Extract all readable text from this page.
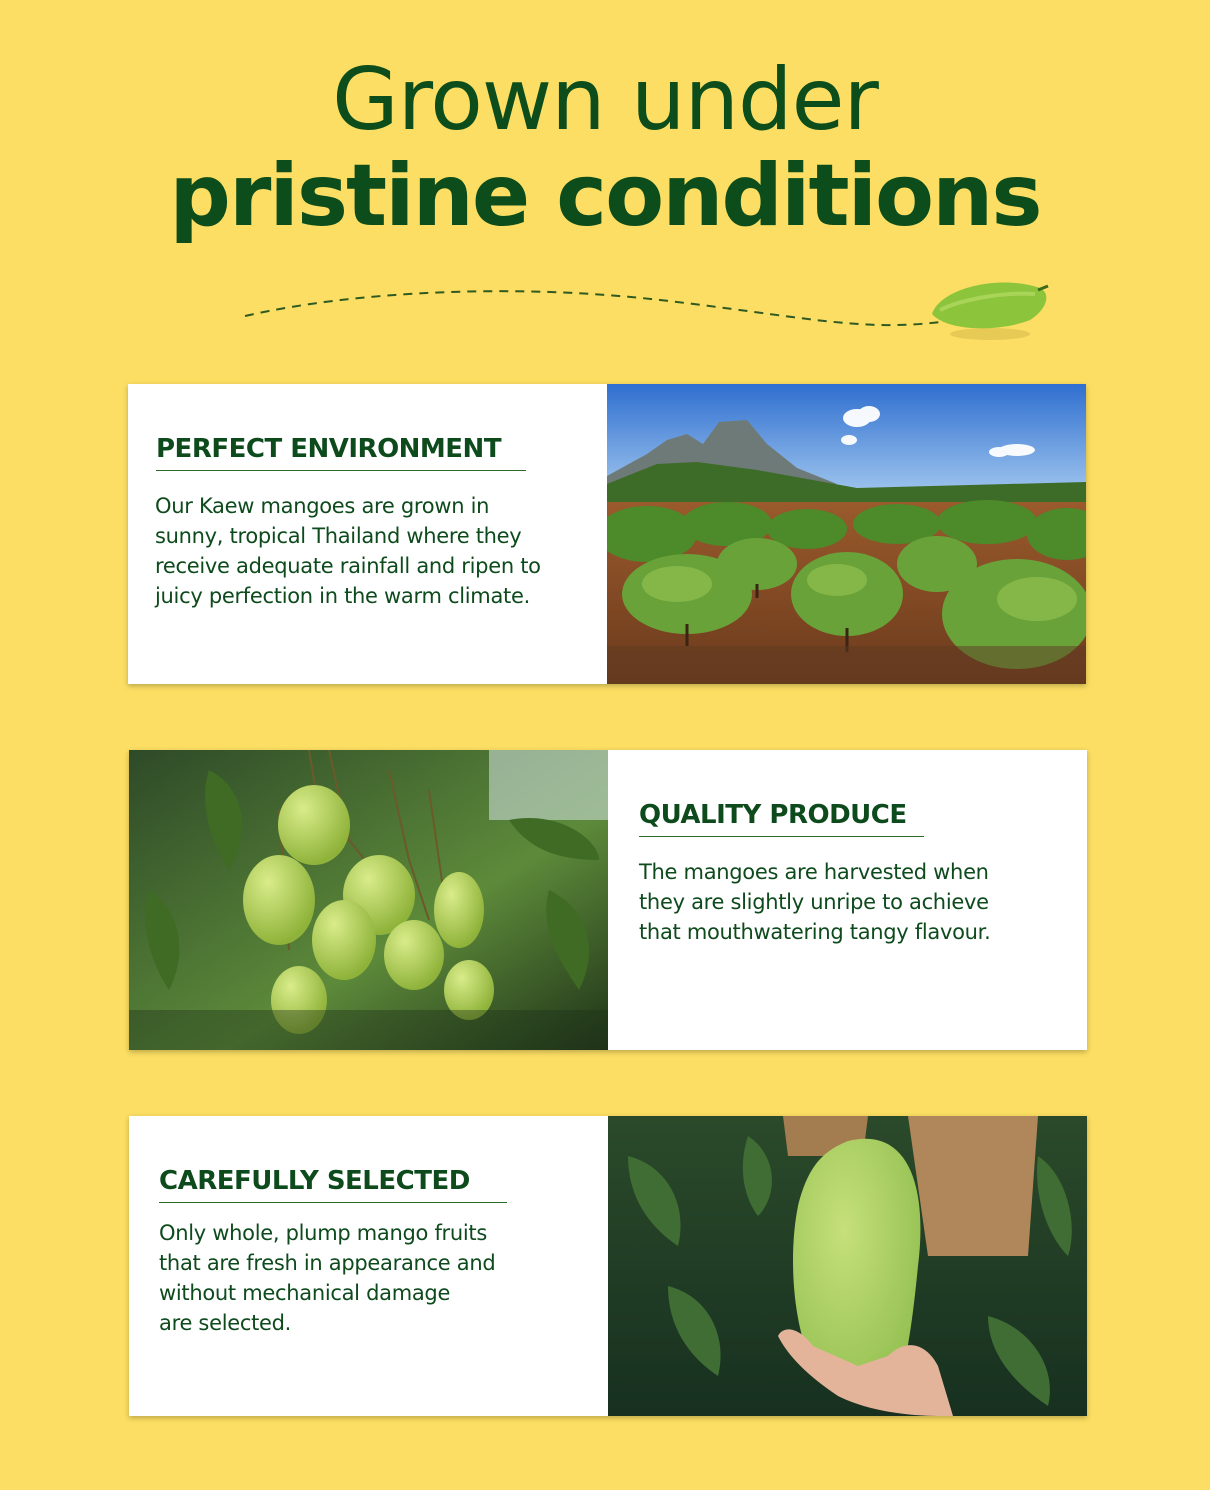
Grown under
pristine conditions
PERFECT ENVIRONMENT
Our Kaew mangoes are grown in
sunny, tropical Thailand where they
receive adequate rainfall and ripen to
juicy perfection in the warm climate.
QUALITY PRODUCE
The mangoes are harvested when
they are slightly unripe to achieve
that mouthwatering tangy flavour.
CAREFULLY SELECTED
Only whole, plump mango fruits
that are fresh in appearance and
without mechanical damage
are selected.
